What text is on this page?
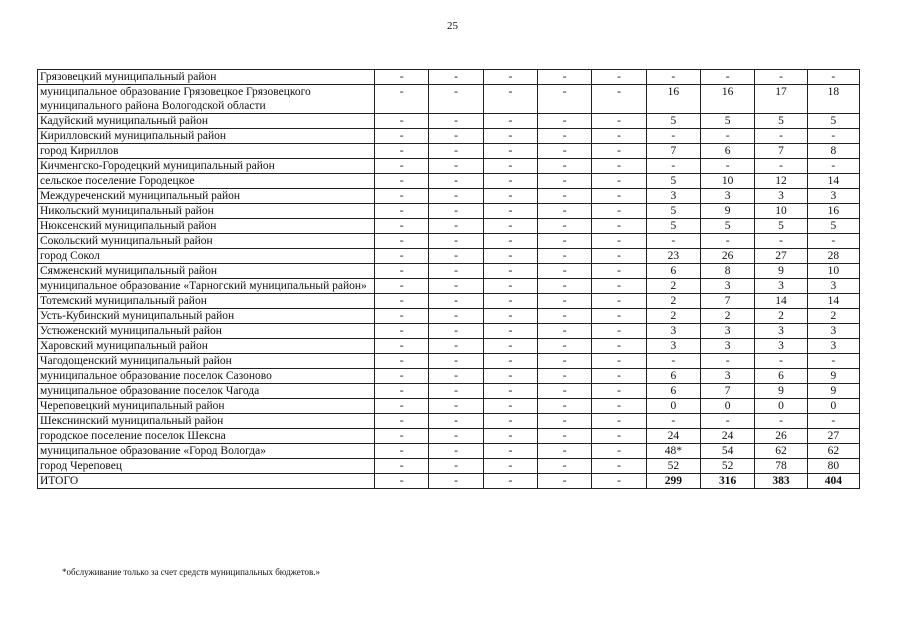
25
Грязовецкий муниципальный район	-	-	-	-	-	-	-	-	-
муниципальное образование Грязовецкое Грязовецкого муниципального района Вологодской области	-	-	-	-	-	16	16	17	18
Кадуйский муниципальный район	-	-	-	-	-	5	5	5	5
Кирилловский муниципальный район	-	-	-	-	-	-	-	-	-
город Кириллов	-	-	-	-	-	7	6	7	8
Кичменгско-Городецкий муниципальный район	-	-	-	-	-	-	-	-	-
сельское поселение Городецкое	-	-	-	-	-	5	10	12	14
Междуреченский муниципальный район	-	-	-	-	-	3	3	3	3
Никольский муниципальный район	-	-	-	-	-	5	9	10	16
Нюксенский муниципальный район	-	-	-	-	-	5	5	5	5
Сокольский муниципальный район	-	-	-	-	-	-	-	-	-
город Сокол	-	-	-	-	-	23	26	27	28
Сямженский муниципальный район	-	-	-	-	-	6	8	9	10
муниципальное образование «Тарногский муниципальный район»	-	-	-	-	-	2	3	3	3
Тотемский муниципальный район	-	-	-	-	-	2	7	14	14
Усть-Кубинский муниципальный район	-	-	-	-	-	2	2	2	2
Устюженский муниципальный район	-	-	-	-	-	3	3	3	3
Харовский муниципальный район	-	-	-	-	-	3	3	3	3
Чагодощенский муниципальный район	-	-	-	-	-	-	-	-	-
муниципальное образование поселок Сазоново	-	-	-	-	-	6	3	6	9
муниципальное образование поселок Чагода	-	-	-	-	-	6	7	9	9
Череповецкий муниципальный район	-	-	-	-	-	0	0	0	0
Шекснинский муниципальный район	-	-	-	-	-	-	-	-	-
городское поселение поселок Шексна	-	-	-	-	-	24	24	26	27
муниципальное образование «Город Вологда»	-	-	-	-	-	48*	54	62	62
город Череповец	-	-	-	-	-	52	52	78	80
ИТОГО	-	-	-	-	-	299	316	383	404
*обслуживание только за счет средств муниципальных бюджетов.»
